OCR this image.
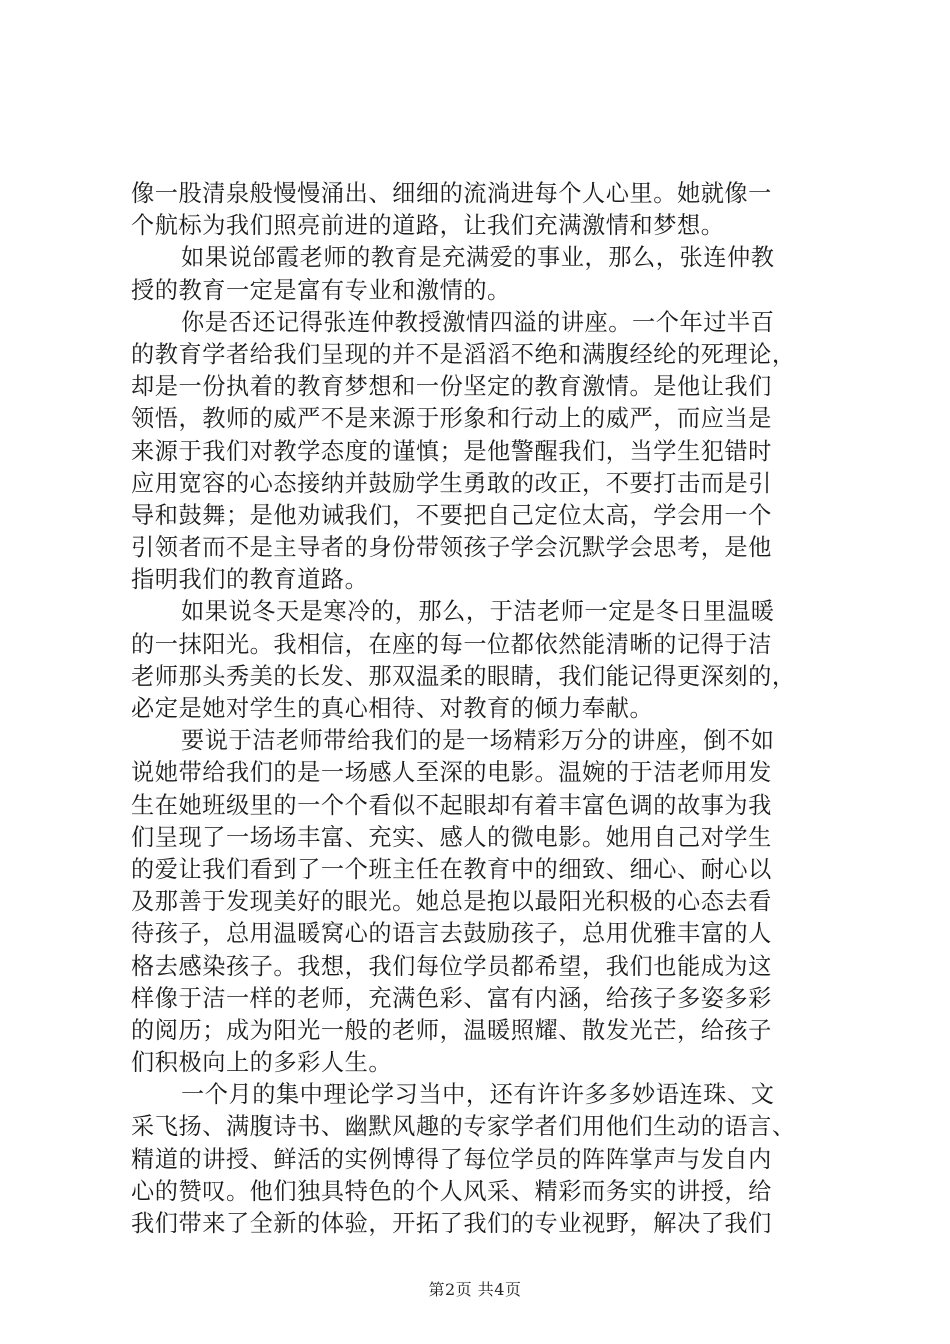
像一股清泉般慢慢涌出、细细的流淌进每个人心里。她就像一
个航标为我们照亮前进的道路，让我们充满激情和梦想。
如果说邰霞老师的教育是充满爱的事业，那么，张连仲教
授的教育一定是富有专业和激情的。
你是否还记得张连仲教授激情四溢的讲座。一个年过半百
的教育学者给我们呈现的并不是滔滔不绝和满腹经纶的死理论，
却是一份执着的教育梦想和一份坚定的教育激情。是他让我们
领悟，教师的威严不是来源于形象和行动上的威严，而应当是
来源于我们对教学态度的谨慎；是他警醒我们，当学生犯错时
应用宽容的心态接纳并鼓励学生勇敢的改正，不要打击而是引
导和鼓舞；是他劝诫我们，不要把自己定位太高，学会用一个
引领者而不是主导者的身份带领孩子学会沉默学会思考，是他
指明我们的教育道路。
如果说冬天是寒冷的，那么，于洁老师一定是冬日里温暖
的一抹阳光。我相信，在座的每一位都依然能清晰的记得于洁
老师那头秀美的长发、那双温柔的眼睛，我们能记得更深刻的，
必定是她对学生的真心相待、对教育的倾力奉献。
要说于洁老师带给我们的是一场精彩万分的讲座，倒不如
说她带给我们的是一场感人至深的电影。温婉的于洁老师用发
生在她班级里的一个个看似不起眼却有着丰富色调的故事为我
们呈现了一场场丰富、充实、感人的微电影。她用自己对学生
的爱让我们看到了一个班主任在教育中的细致、细心、耐心以
及那善于发现美好的眼光。她总是抱以最阳光积极的心态去看
待孩子，总用温暖窝心的语言去鼓励孩子，总用优雅丰富的人
格去感染孩子。我想，我们每位学员都希望，我们也能成为这
样像于洁一样的老师，充满色彩、富有内涵，给孩子多姿多彩
的阅历；成为阳光一般的老师，温暖照耀、散发光芒，给孩子
们积极向上的多彩人生。
一个月的集中理论学习当中，还有许许多多妙语连珠、文
采飞扬、满腹诗书、幽默风趣的专家学者们用他们生动的语言、
精道的讲授、鲜活的实例博得了每位学员的阵阵掌声与发自内
心的赞叹。他们独具特色的个人风采、精彩而务实的讲授，给
我们带来了全新的体验，开拓了我们的专业视野，解决了我们
第2页 共4页
